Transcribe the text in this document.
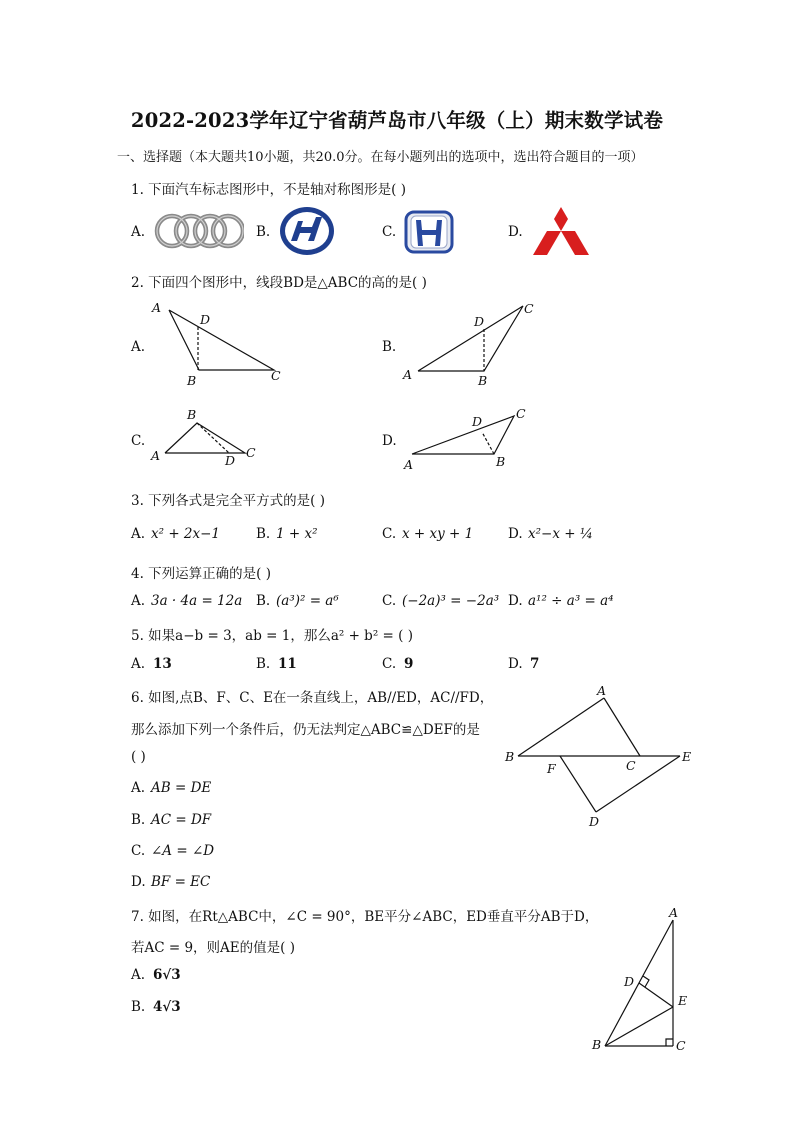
2022-2023学年辽宁省葫芦岛市八年级（上）期末数学试卷
一、选择题（本大题共10小题，共20.0分。在每小题列出的选项中，选出符合题目的一项）
1. 下面汽车标志图形中，不是轴对称图形是( )
A.	B.	C.	D.
2. 下面四个图形中，线段BD是△ABC的高的是( )
A.
A
D
B	C
B.
A
D
B
C
C.
A
B
D
C
D.
A
D
B
C
3. 下列各式是完全平方式的是( )
A. x² + 2x−1	B. 1 + x²	C. x + xy + 1	D. x²−x + ¼
4. 下列运算正确的是( )
A. 3a · 4a = 12a B. (a³)² = a⁶	C. (−2a)³ = −2a³ D. a¹² ÷ a³ = a⁴
5. 如果a−b = 3，ab = 1，那么a² + b² = ( )
A. 13	B. 11	C. 9	D. 7
6. 如图,点B、F、C、E在一条直线上，AB//ED，AC//FD，
那么添加下列一个条件后，仍无法判定△ABC≌△DEF的是
( )
A. AB = DE
B. AC = DF
C. ∠A = ∠D
D. BF = EC
A
B
F	C
E
D
7. 如图，在Rt△ABC中，∠C = 90°，BE平分∠ABC，ED垂直平分AB于D，
若AC = 9，则AE的值是( )
A. 6√3
B. 4√3
A
D
E
B	C
